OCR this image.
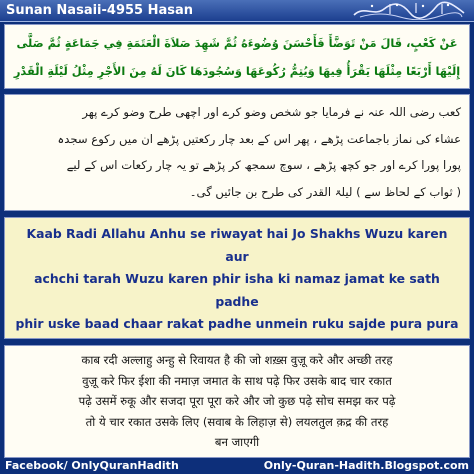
Sunan Nasaii-4955 Hasan
عَنْ كَعْبٍ، قَالَ مَنْ تَوَضَّأَ فَأَحْسَنَ وُضُوءَهُ ثُمَّ شَهِدَ صَلاَةَ الْعَتَمَةِ فِي جَمَاعَةٍ ثُمَّ صَلَّى
إِلَيْهَا أَرْبَعًا مِثْلَهَا يَقْرَأُ فِيهَا وَيُتِمُّ رُكُوعَهَا وَسُجُودَهَا كَانَ لَهُ مِنَ الأَجْرِ مِثْلُ لَيْلَةِ الْقَدْرِ
کعب رضی اللہ عنہ نے فرمایا جو شخص وضو کرے اور اچھی طرح وضو کرے پھر
عشاء کی نماز باجماعت پڑھے ، پھر اس کے بعد چار رکعتیں پڑھے ان میں رکوع سجدہ
پورا پورا کرے اور جو کچھ پڑھے ، سوچ سمجھ کر پڑھے تو یہ چار رکعات اس کے لیے
( ثواب کے لحاظ سے ) لیلۃ القدر کی طرح بن جائیں گی۔
Kaab Radi Allahu Anhu se riwayat hai Jo Shakhs Wuzu karen aur
achchi tarah Wuzu karen phir isha ki namaz jamat ke sath padhe
phir uske baad chaar rakat padhe unmein ruku sajde pura pura

काब रदी अल्लाहु अन्हु से रिवायत है की जो शख़्स वुज़ू करे और अच्छी तरह
वुज़ू करे फिर ईशा की नमाज़ जमात के साथ पढ़े फिर उसके बाद चार रकात
पढ़े उसमें रुकू और सजदा पूरा पूरा करे और जो कुछ पढ़े सोच समझ कर पढ़े
तो ये चार रकात उसके लिए (सवाब के लिहाज़ से) लयलतुल क़द्र की तरह
बन जाएगी
Facebook/ OnlyQuranHadith	Only-Quran-Hadith.Blogspot.com
